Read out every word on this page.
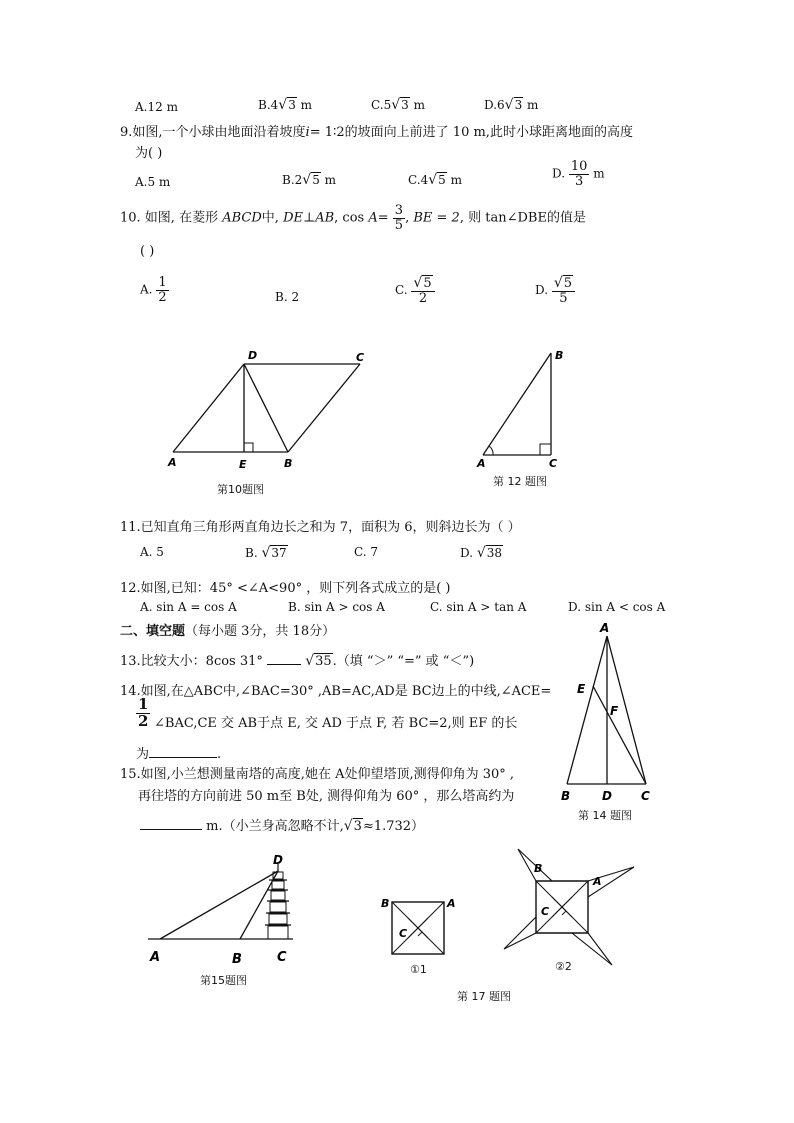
A.12 m	B.4√3 m	C.5√3 m	D.6√3 m
9.如图,一个小球由地面沿着坡度i= 1∶2的坡面向上前进了 10 m,此时小球距离地面的高度
为( )
A.5 m	B.2√5 m	C.4√5 m	D. $\frac{10}{3}$ m
10. 如图, 在菱形 ABCD中, DE⊥AB, $\cos A= \frac{3}{5}$ , BE = 2, 则 tan∠DBE的值是
( )
A. $\frac{1}{2}$	B. 2	C. $\frac{√5}{2}$	D. $\frac{√5}{5}$
D	C
A	E	B
第10题图
B
A	C
第 12 题图
11.已知直角三角形两直角边长之和为 7，面积为 6，则斜边长为（ ）
A. 5	B. √37	C. 7	D. √38
12.如图,已知：45° <∠A<90° ，则下列各式成立的是( )
A. sin A = cos A	B. sin A > cos A	C. sin A > tan A	D. sin A < cos A
二、填空题（每小题 3分，共 18分）
13.比较大小：8cos 31°	√35.（填 “＞” “=” 或 “＜”)
14.如图,在△ABC中,∠BAC=30° ,AB=AC,AD是 BC边上的中线,∠ACE=
$\frac{1}{2}$ ∠BAC,CE 交 AB于点 E, 交 AD 于点 F, 若 BC=2,则 EF 的长
为	.
A
E
F
B	D C
第 14 题图
15.如图,小兰想测量南塔的高度,她在 A处仰望塔顶,测得仰角为 30° ,
再往塔的方向前进 50 m至 B处, 测得仰角为 60° ，那么塔高约为
m.（小兰身高忽略不计,√3≈1.732）
D
A	B	C
第15题图
B	A
C
①1
B
A
C
②2
第 17 题图
